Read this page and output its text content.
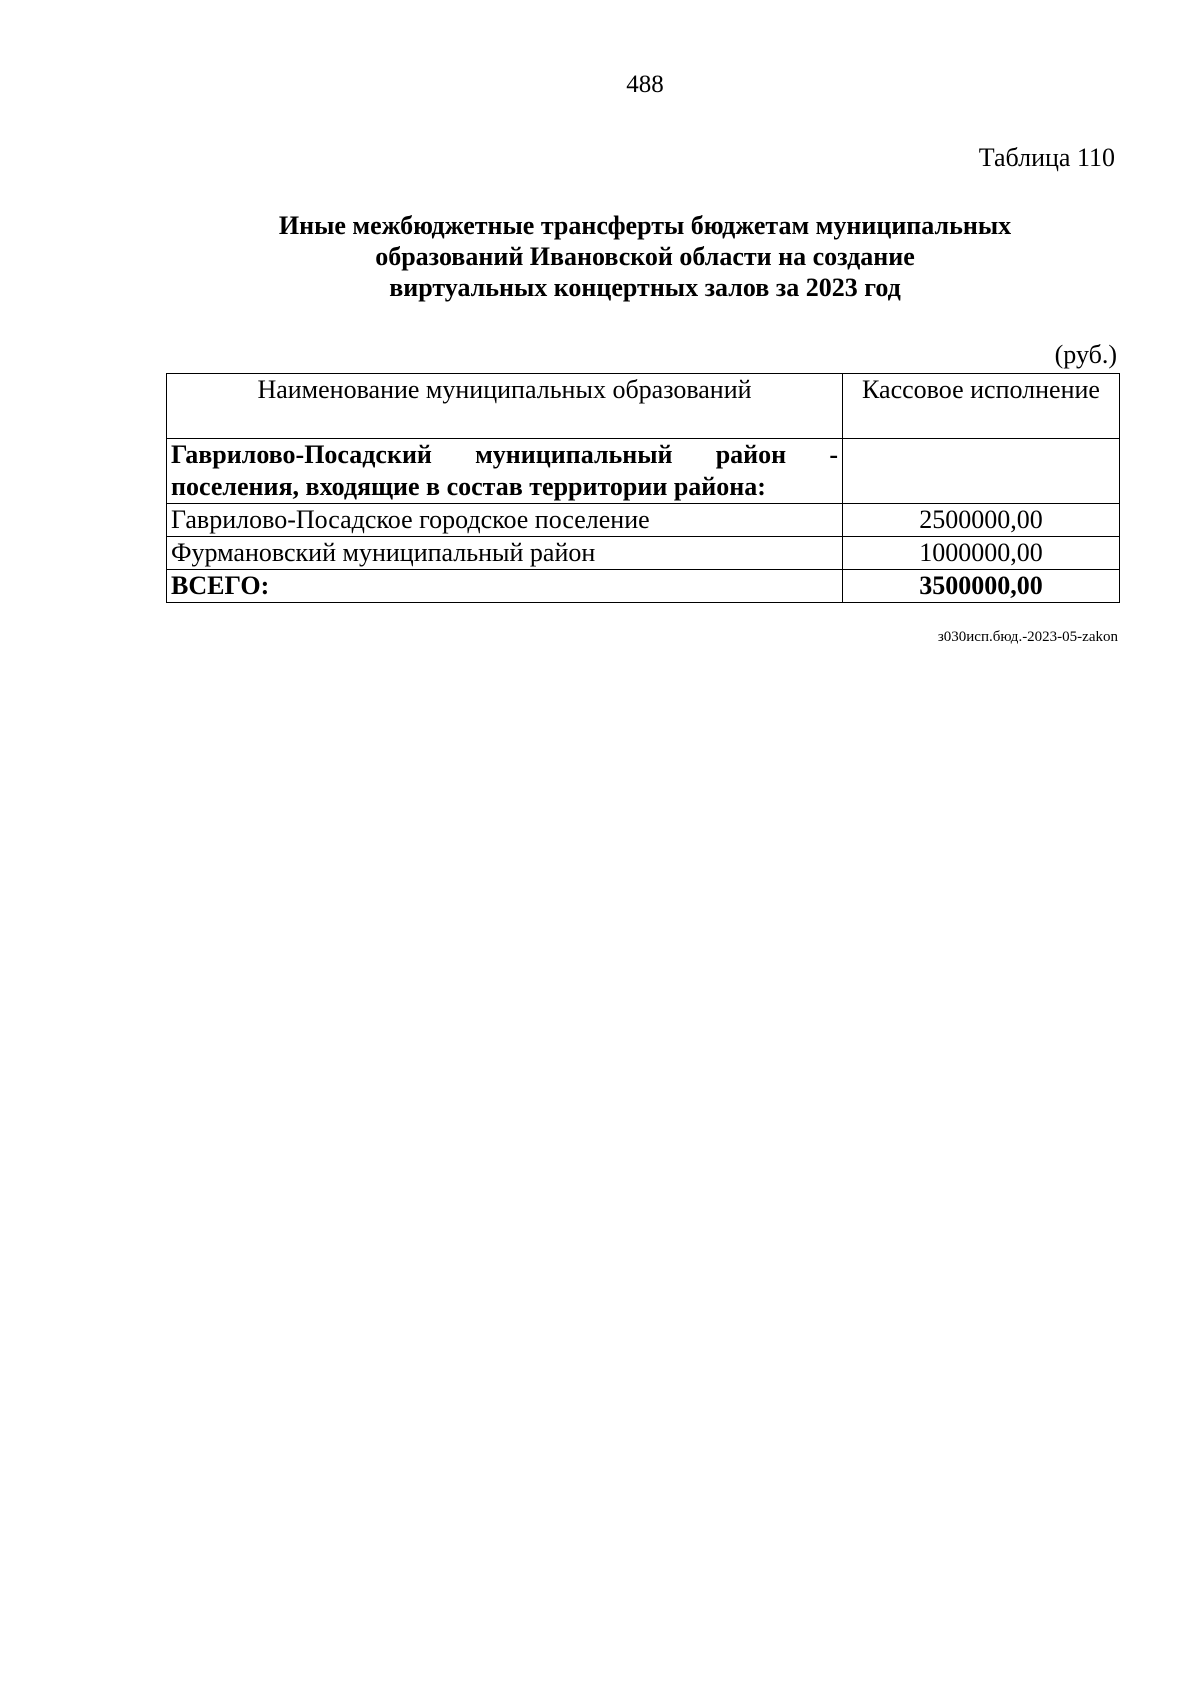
488
Таблица 110
Иные межбюджетные трансферты бюджетам муниципальных
образований Ивановской области на создание
виртуальных концертных залов за 2023 год
(руб.)
Наименование муниципальных образований	Кассовое исполнение

Гаврилово-Посадский муниципальный район -
поселения, входящие в состав территории района:	

Гаврилово-Посадское городское поселение	2500000,00
Фурмановский муниципальный район	1000000,00
ВСЕГО:	3500000,00
з030исп.бюд.-2023-05-zakon
